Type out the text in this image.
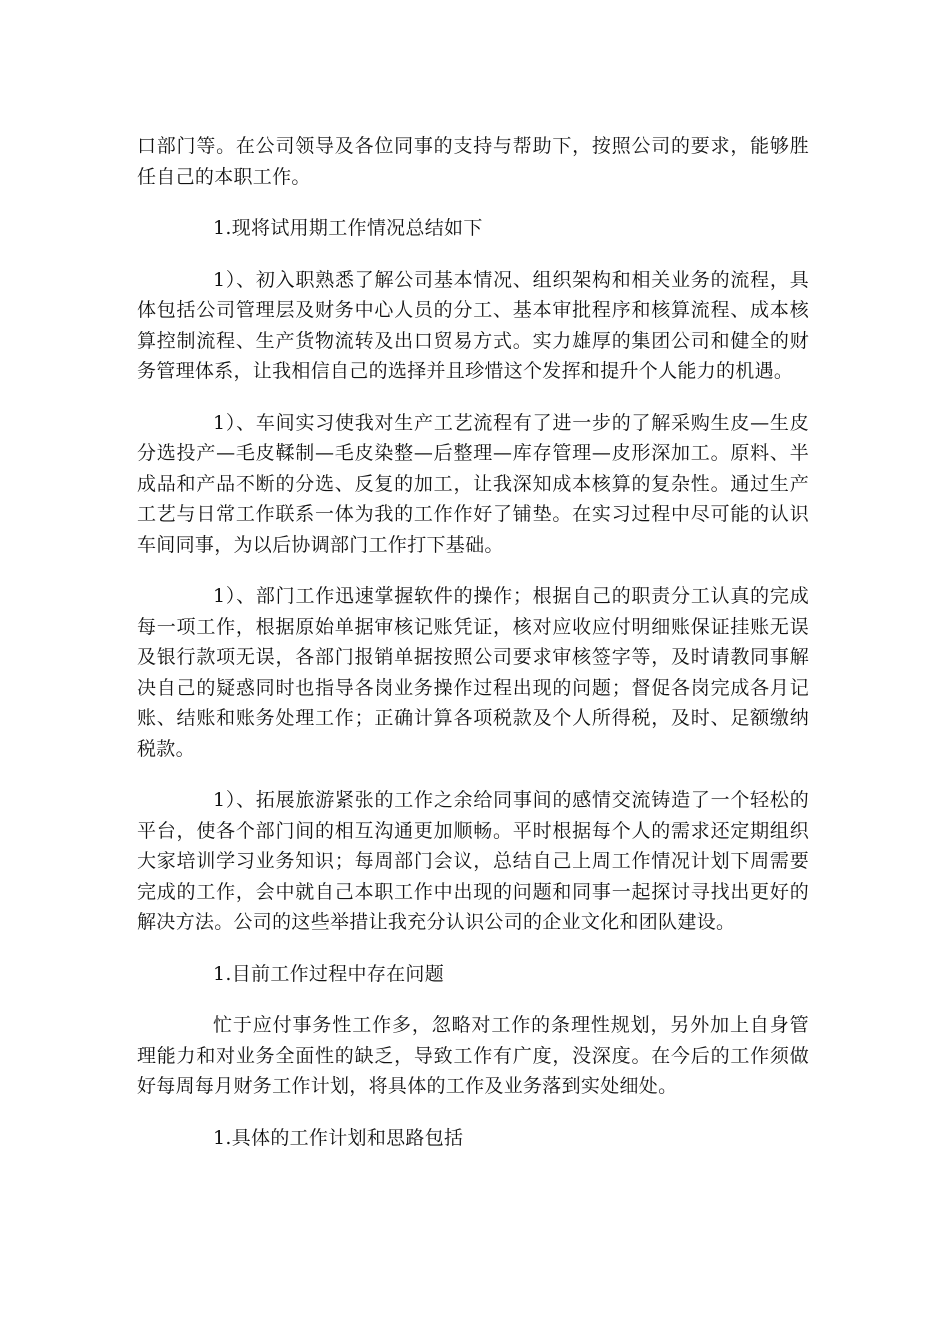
口部门等。在公司领导及各位同事的支持与帮助下，按照公司的要求，能够胜任自己的本职工作。

1.现将试用期工作情况总结如下

1）、初入职熟悉了解公司基本情况、组织架构和相关业务的流程，具体包括公司管理层及财务中心人员的分工、基本审批程序和核算流程、成本核算控制流程、生产货物流转及出口贸易方式。实力雄厚的集团公司和健全的财务管理体系，让我相信自己的选择并且珍惜这个发挥和提升个人能力的机遇。

1）、车间实习使我对生产工艺流程有了进一步的了解采购生皮—生皮分选投产—毛皮鞣制—毛皮染整—后整理—库存管理—皮形深加工。原料、半成品和产品不断的分选、反复的加工，让我深知成本核算的复杂性。通过生产工艺与日常工作联系一体为我的工作作好了铺垫。在实习过程中尽可能的认识车间同事，为以后协调部门工作打下基础。

1）、部门工作迅速掌握软件的操作；根据自己的职责分工认真的完成每一项工作，根据原始单据审核记账凭证，核对应收应付明细账保证挂账无误及银行款项无误，各部门报销单据按照公司要求审核签字等，及时请教同事解决自己的疑惑同时也指导各岗业务操作过程出现的问题；督促各岗完成各月记账、结账和账务处理工作；正确计算各项税款及个人所得税，及时、足额缴纳税款。

1）、拓展旅游紧张的工作之余给同事间的感情交流铸造了一个轻松的平台，使各个部门间的相互沟通更加顺畅。平时根据每个人的需求还定期组织大家培训学习业务知识；每周部门会议，总结自己上周工作情况计划下周需要完成的工作，会中就自己本职工作中出现的问题和同事一起探讨寻找出更好的解决方法。公司的这些举措让我充分认识公司的企业文化和团队建设。

1.目前工作过程中存在问题

忙于应付事务性工作多，忽略对工作的条理性规划，另外加上自身管理能力和对业务全面性的缺乏，导致工作有广度，没深度。在今后的工作须做好每周每月财务工作计划，将具体的工作及业务落到实处细处。

1.具体的工作计划和思路包括
